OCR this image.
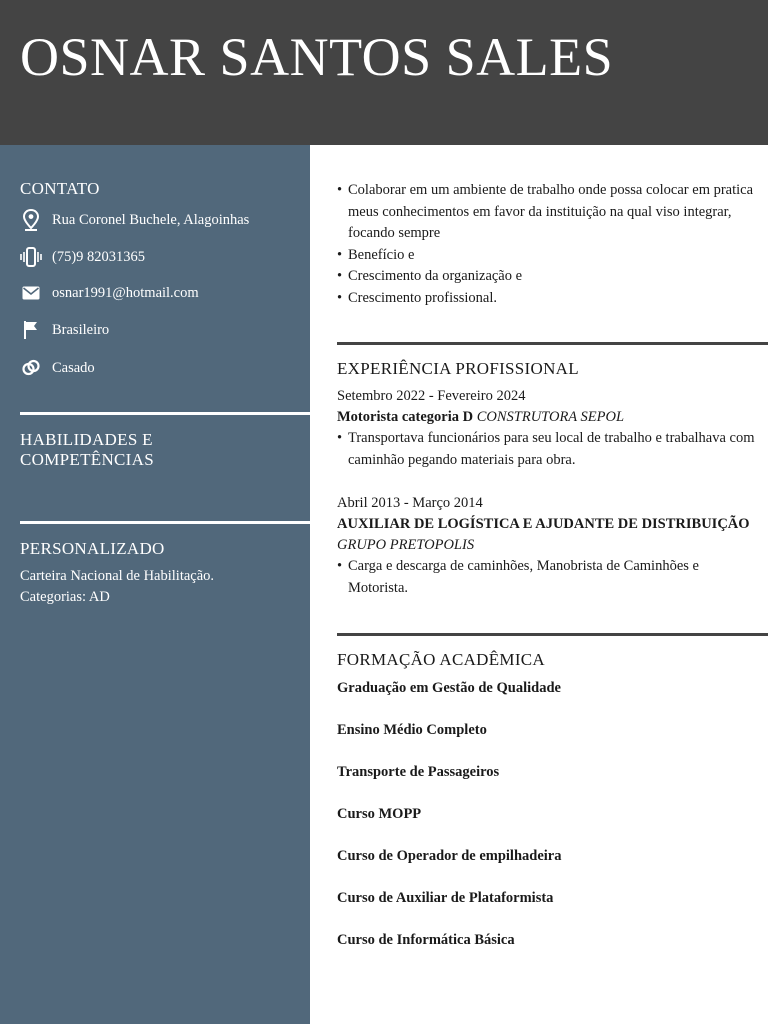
OSNAR SANTOS SALES
CONTATO
Rua Coronel Buchele, Alagoinhas
(75)9 82031365
osnar1991@hotmail.com
Brasileiro
Casado
HABILIDADES E
COMPETÊNCIAS
PERSONALIZADO
Carteira Nacional de Habilitação.
Categorias: AD
• Colaborar em um ambiente de trabalho onde possa colocar em pratica meus conhecimentos em favor da instituição na qual viso integrar, focando sempre
• Benefício e
• Crescimento da organização e
• Crescimento profissional.
EXPERIÊNCIA PROFISSIONAL
Setembro 2022 - Fevereiro 2024
Motorista categoria D CONSTRUTORA SEPOL
• Transportava funcionários para seu local de trabalho e trabalhava com caminhão pegando materiais para obra.
Abril 2013 - Março 2014
AUXILIAR DE LOGÍSTICA E AJUDANTE DE DISTRIBUIÇÃO
GRUPO PRETOPOLIS
• Carga e descarga de caminhões, Manobrista de Caminhões e Motorista.
FORMAÇÃO ACADÊMICA
Graduação em Gestão de Qualidade
Ensino Médio Completo
Transporte de Passageiros
Curso MOPP
Curso de Operador de empilhadeira
Curso de Auxiliar de Plataformista
Curso de Informática Básica
